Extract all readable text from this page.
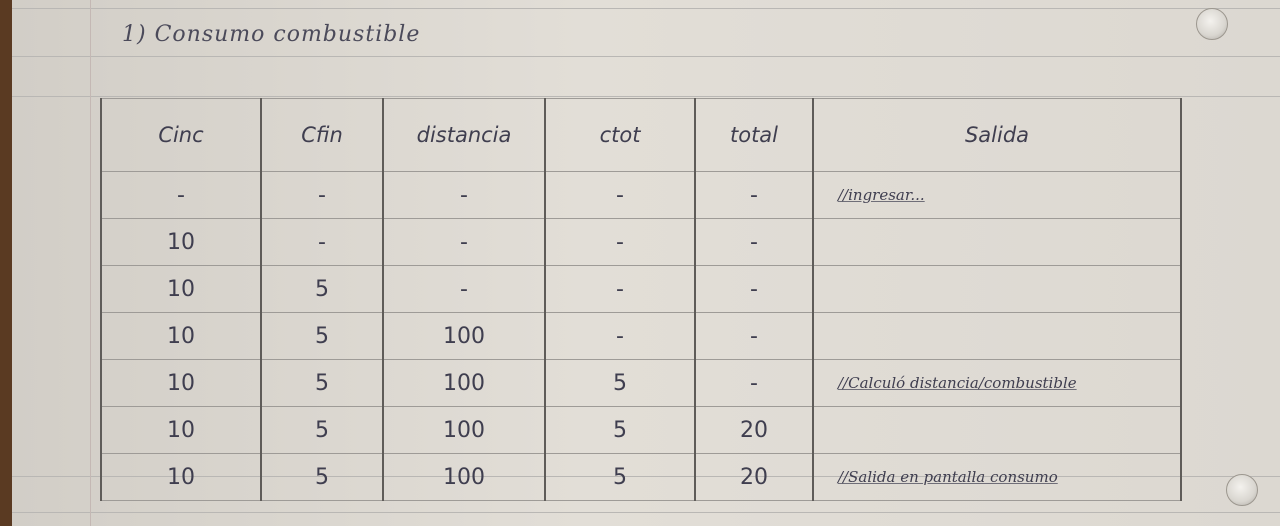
1) Consumo combustible
Cinc	Cfin	distancia	ctot	total	Salida
-	-	-	-	-	//ingresar...
10	-	-	-	-	
10	5	-	-	-	
10	5	100	-	-	
10	5	100	5	-	//Calculó distancia/combustible
10	5	100	5	20	
10	5	100	5	20	//Salida en pantalla consumo
